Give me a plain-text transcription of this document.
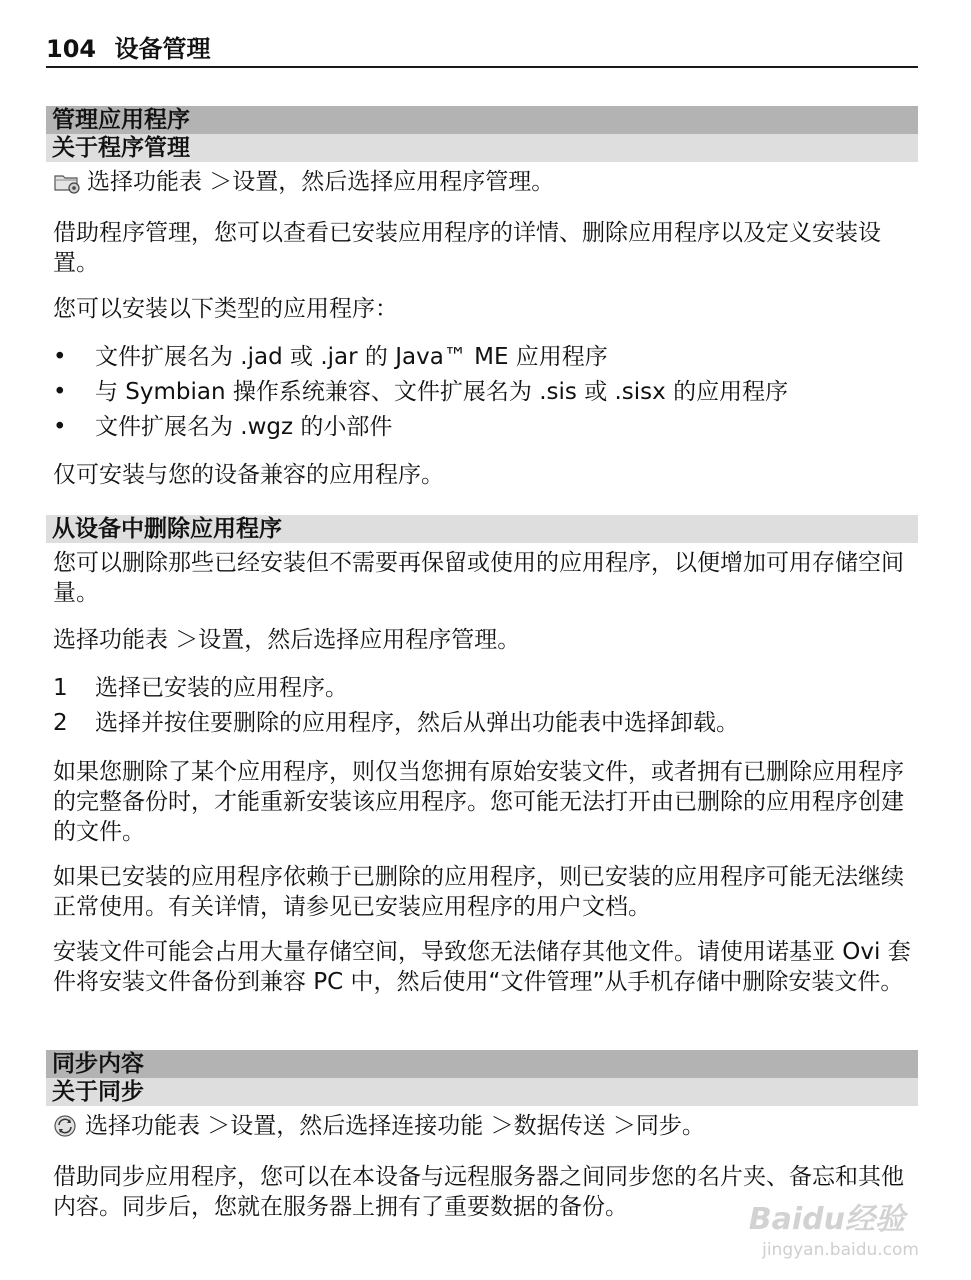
104 设备管理
管理应用程序
关于程序管理
选择功能表 ＞设置，然后选择应用程序管理。
借助程序管理，您可以查看已安装应用程序的详情、删除应用程序以及定义安装设置。
您可以安装以下类型的应用程序：
• 文件扩展名为 .jad 或 .jar 的 Java™ ME 应用程序
• 与 Symbian 操作系统兼容、文件扩展名为 .sis 或 .sisx 的应用程序
• 文件扩展名为 .wgz 的小部件
仅可安装与您的设备兼容的应用程序。
从设备中删除应用程序
您可以删除那些已经安装但不需要再保留或使用的应用程序，以便增加可用存储空间量。
选择功能表 ＞设置，然后选择应用程序管理。
1 选择已安装的应用程序。
2 选择并按住要删除的应用程序，然后从弹出功能表中选择卸载。
如果您删除了某个应用程序，则仅当您拥有原始安装文件，或者拥有已删除应用程序的完整备份时，才能重新安装该应用程序。您可能无法打开由已删除的应用程序创建的文件。
如果已安装的应用程序依赖于已删除的应用程序，则已安装的应用程序可能无法继续正常使用。有关详情，请参见已安装应用程序的用户文档。
安装文件可能会占用大量存储空间，导致您无法储存其他文件。请使用诺基亚 Ovi 套件将安装文件备份到兼容 PC 中，然后使用“文件管理”从手机存储中删除安装文件。
同步内容
关于同步
选择功能表 ＞设置，然后选择连接功能 ＞数据传送 ＞同步。
借助同步应用程序，您可以在本设备与远程服务器之间同步您的名片夹、备忘和其他内容。同步后，您就在服务器上拥有了重要数据的备份。	Baidu经验
jingyan.baidu.com
